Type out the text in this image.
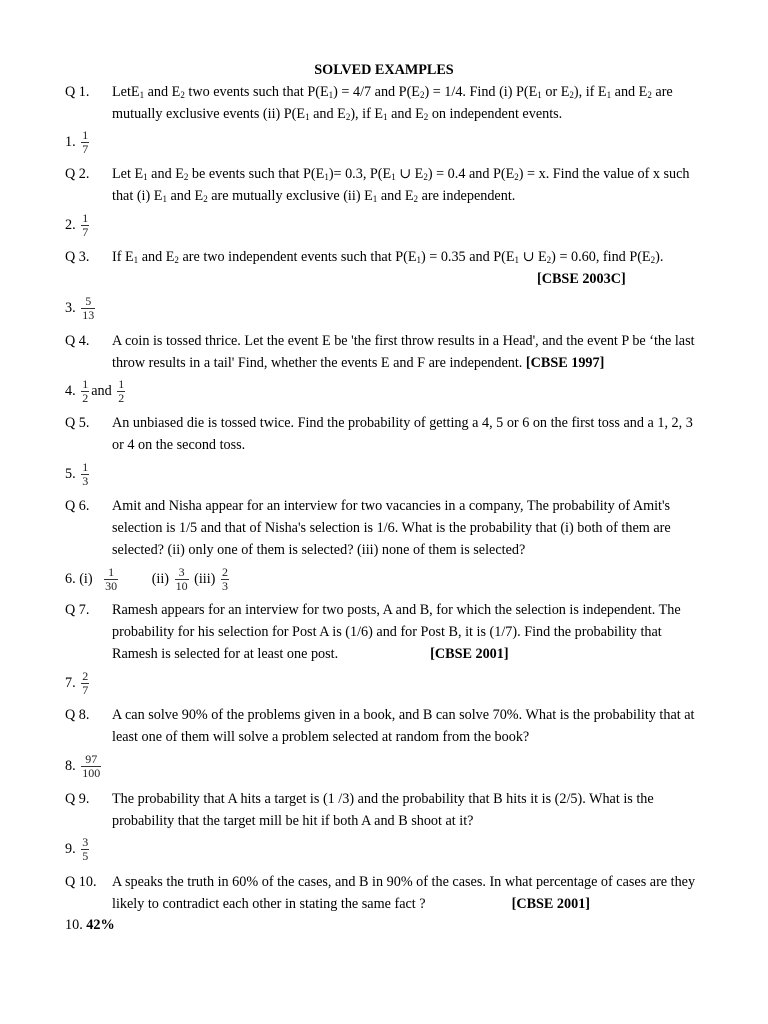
SOLVED EXAMPLES
Q 1.	LetE$_1$ and $E_2$ two events such that $P(E_1) = 4/7$ and $P(E_2) = 1/4$. Find (i) $P(E_1$ or $E_2$), if $E_1$ and $E_2$ are mutually exclusive events (ii) $P(E_1$ and $E_2$), if $E_1$ and $E_2$ on independent events.
1. $\frac{1}{7}$
Q 2.	Let $E_1$ and $E_2$ be events such that $P(E_1)= 0.3$, $P(E_1$ ∪ $E_2) = 0.4$ and $P(E_2) = x$. Find the value of x such that (i) $E_1$ and $E_2$ are mutually exclusive (ii) $E_1$ and $E_2$ are independent.
2. $\frac{1}{7}$
Q 3.	If $E_1$ and $E_2$ are two independent events such that $P(E_1) = 0.35$ and $P(E_1$ ∪ $E_2) = 0.60$, find $P(E_2).[CBSE$ 2003C]
3. $\frac{5}{13}$
Q 4.	A coin is tossed thrice. Let the event E be 'the first throw results in a Head', and the event P be ‘the last throw results in a tail' Find, whether the events E and F are independent. [CBSE 1997]
4. $\frac{1}{2}$ and $\frac{1}{2}$
Q 5.	An unbiased die is tossed twice. Find the probability of getting a 4, 5 or 6 on the first toss and a 1, 2, 3 or 4 on the second toss.
5. $\frac{1}{3}$
Q 6.	Amit and Nisha appear for an interview for two vacancies in a company, The probability of Amit's selection is 1/5 and that of Nisha's selection is 1/6. What is the probability that (i) both of them are selected? (ii) only one of them is selected? (iii) none of them is selected?
6. $(i) \frac{1}{30} (ii) \frac{3}{10} (iii) \frac{2}{3}$
Q 7.	Ramesh appears for an interview for two posts, A and B, for which the selection is independent. The probability for his selection for Post A is (1/6) and for Post B, it is (1/7). Find the probability that Ramesh is selected for at least one post.	[CBSE 2001]
7. $\frac{2}{7}$
Q 8.	A can solve 90% of the problems given in a book, and B can solve 70%. What is the probability that at least one of them will solve a problem selected at random from the book?
8. $\frac{97}{100}$
Q 9.	The probability that A hits a target is (1 /3) and the probability that B hits it is (2/5). What is the probability that the target mill be hit if both A and B shoot at it?
9. $\frac{3}{5}$
Q 10.	A speaks the truth in 60% of the cases, and B in 90% of the cases. In what percentage of cases are they likely to contradict each other in stating the same fact ?	[CBSE 2001]
10. 42%
